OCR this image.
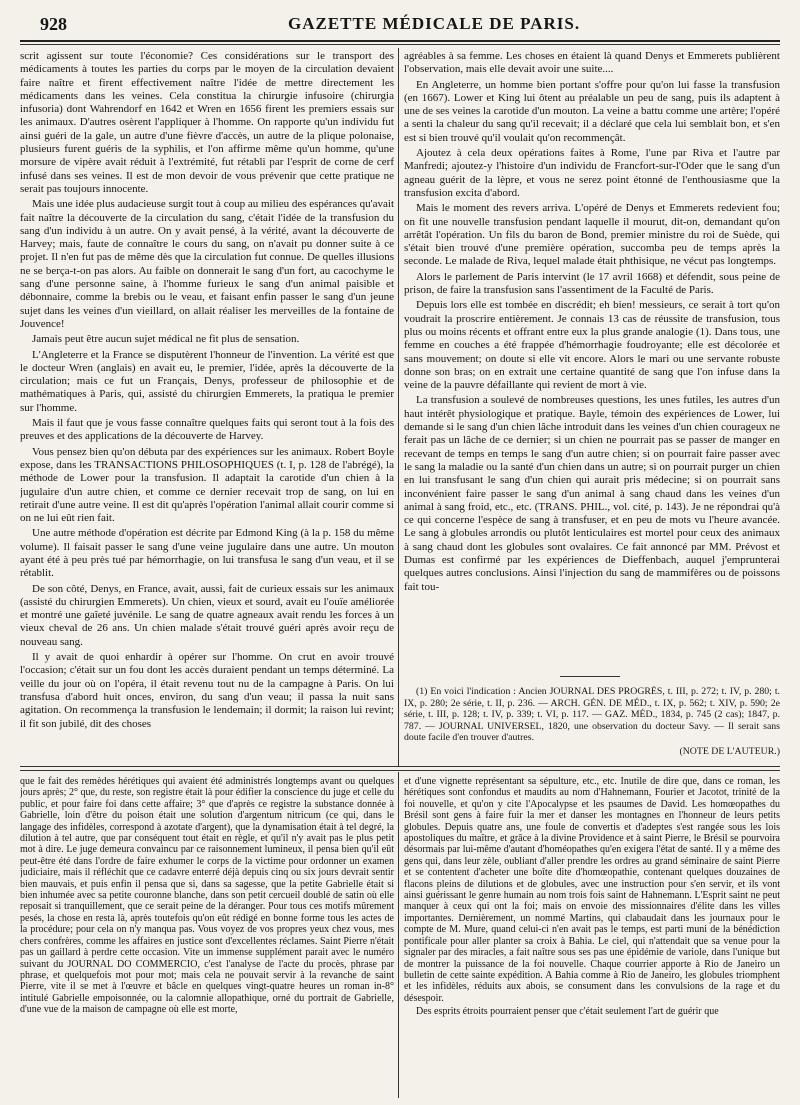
928	GAZETTE MÉDICALE DE PARIS.

scrit agissent sur toute l'économie? Ces considérations sur le transport des médicaments à toutes les parties du corps par le moyen de la circulation devaient faire naître et firent effectivement naître l'idée de mettre directement les médicaments dans les veines. Cela constitua la chirurgie infusoire (chirurgia infusoria) dont Wahrendorf en 1642 et Wren en 1656 firent les premiers essais sur les animaux. D'autres osèrent l'appliquer à l'homme. On rapporte qu'un individu fut ainsi guéri de la gale, un autre d'une fièvre d'accès, un autre de la plique polonaise, plusieurs furent guéris de la syphilis, et l'on affirme même qu'un homme, qu'une morsure de vipère avait réduit à l'extrémité, fut rétabli par l'esprit de corne de cerf infusé dans ses veines. Il est de mon devoir de vous prévenir que cette pratique ne serait pas toujours innocente.

Mais une idée plus audacieuse surgit tout à coup au milieu des espérances qu'avait fait naître la découverte de la circulation du sang, c'était l'idée de la transfusion du sang d'un individu à un autre. On y avait pensé, à la vérité, avant la découverte de Harvey; mais, faute de connaître le cours du sang, on n'avait pu donner suite à ce projet. Il n'en fut pas de même dès que la circulation fut connue. De quelles illusions ne se berça-t-on pas alors. Au faible on donnerait le sang d'un fort, au cacochyme le sang d'une personne saine, à l'homme furieux le sang d'un animal paisible et débonnaire, comme la brebis ou le veau, et faisant enfin passer le sang d'un jeune sujet dans les veines d'un vieillard, on allait réaliser les merveilles de la fontaine de Jouvence!

Jamais peut être aucun sujet médical ne fit plus de sensation.

L'Angleterre et la France se disputèrent l'honneur de l'invention. La vérité est que le docteur Wren (anglais) en avait eu, le premier, l'idée, après la découverte de la circulation; mais ce fut un Français, Denys, professeur de philosophie et de mathématiques à Paris, qui, assisté du chirurgien Emmerets, la pratiqua le premier sur l'homme.

Mais il faut que je vous fasse connaître quelques faits qui seront tout à la fois des preuves et des applications de la découverte de Harvey.

Vous pensez bien qu'on débuta par des expériences sur les animaux. Robert Boyle expose, dans les TRANSACTIONS PHILOSOPHIQUES (t. I, p. 128 de l'abrégé), la méthode de Lower pour la transfusion. Il adaptait la carotide d'un chien à la jugulaire d'un autre chien, et comme ce dernier recevait trop de sang, on lui en retirait d'une autre veine. Il est dit qu'après l'opération l'animal allait courir comme si on ne lui eût rien fait.

Une autre méthode d'opération est décrite par Edmond King (à la p. 158 du même volume). Il faisait passer le sang d'une veine jugulaire dans une autre. Un mouton ayant été à peu près tué par hémorrhagie, on lui transfusa le sang d'un veau, et il se rétablit.

De son côté, Denys, en France, avait, aussi, fait de curieux essais sur les animaux (assisté du chirurgien Emmerets). Un chien, vieux et sourd, avait eu l'ouïe améliorée et montré une gaîeté juvénile. Le sang de quatre agneaux avait rendu les forces à un vieux cheval de 26 ans. Un chien malade s'était trouvé guéri après avoir reçu de nouveau sang.

Il y avait de quoi enhardir à opérer sur l'homme. On crut en avoir trouvé l'occasion; c'était sur un fou dont les accès duraient pendant un temps déterminé. La veille du jour où on l'opéra, il était revenu tout nu de la campagne à Paris. On lui transfusa d'abord huit onces, environ, du sang d'un veau; il passa la nuit sans agitation. On recommença la transfusion le lendemain; il dormit; la raison lui revint; il fit son jubilé, dit des choses

agréables à sa femme. Les choses en étaient là quand Denys et Emmerets publièrent l'observation, mais elle devait avoir une suite....

En Angleterre, un homme bien portant s'offre pour qu'on lui fasse la transfusion (en 1667). Lower et King lui ôtent au préalable un peu de sang, puis ils adaptent à une de ses veines la carotide d'un mouton. La veine a battu comme une artère; l'opéré a senti la chaleur du sang qu'il recevait; il a déclaré que cela lui semblait bon, et s'en est si bien trouvé qu'il voulait qu'on recommençât.

Ajoutez à cela deux opérations faites à Rome, l'une par Riva et l'autre par Manfredi; ajoutez-y l'histoire d'un individu de Francfort-sur-l'Oder que le sang d'un agneau guérit de la lèpre, et vous ne serez point étonné de l'enthousiasme que la transfusion excita d'abord.

Mais le moment des revers arriva. L'opéré de Denys et Emmerets redevient fou; on fit une nouvelle transfusion pendant laquelle il mourut, dit-on, demandant qu'on arrêtât l'opération. Un fils du baron de Bond, premier ministre du roi de Suède, qui s'était bien trouvé d'une première opération, succomba peu de temps après la seconde. Le malade de Riva, lequel malade était phthisique, ne vécut pas longtemps.

Alors le parlement de Paris intervint (le 17 avril 1668) et défendit, sous peine de prison, de faire la transfusion sans l'assentiment de la Faculté de Paris.

Depuis lors elle est tombée en discrédit; eh bien! messieurs, ce serait à tort qu'on voudrait la proscrire entièrement. Je connais 13 cas de réussite de transfusion, tous plus ou moins récents et offrant entre eux la plus grande analogie (1). Dans tous, une femme en couches a été frappée d'hémorrhagie foudroyante; elle est décolorée et sans mouvement; on doute si elle vit encore. Alors le mari ou une servante robuste donne son bras; on en extrait une certaine quantité de sang que l'on infuse dans la veine de la pauvre défaillante qui revient de mort à vie.

La transfusion a soulevé de nombreuses questions, les unes futiles, les autres d'un haut intérêt physiologique et pratique. Bayle, témoin des expériences de Lower, lui demande si le sang d'un chien lâche introduit dans les veines d'un chien courageux ne ferait pas un lâche de ce dernier; si un chien ne pourrait pas se passer de manger en recevant de temps en temps le sang d'un autre chien; si on pourrait faire passer avec le sang la maladie ou la santé d'un chien dans un autre; si on pourrait purger un chien en lui transfusant le sang d'un chien qui aurait pris médecine; si on pourrait sans inconvénient faire passer le sang d'un animal à sang chaud dans les veines d'un animal à sang froid, etc., etc. (TRANS. PHIL., vol. cité, p. 143). Je ne répondrai qu'à ce qui concerne l'espèce de sang à transfuser, et en peu de mots vu l'heure avancée. Le sang à globules arrondis ou plutôt lenticulaires est mortel pour ceux des animaux à sang chaud dont les globules sont ovalaires. Ce fait annoncé par MM. Prévost et Dumas est confirmé par les expériences de Dieffenbach, auquel j'emprunterai quelques autres conclusions. Ainsi l'injection du sang de mammifères ou de poissons fait tou-

(1) En voici l'indication : Ancien JOURNAL DES PROGRÈS, t. III, p. 272; t. IV, p. 280; t. IX, p. 280; 2e série, t. II, p. 236. — ARCH. GÉN. DE MÉD., t. IX, p. 562; t. XIV, p. 590; 2e série, t. III, p. 128; t. IV, p. 339; t. VI, p. 117. — GAZ. MÉD., 1834, p. 745 (2 cas); 1847, p. 787. — JOURNAL UNIVERSEL, 1820, une observation du docteur Savy. — Il serait sans doute facile d'en trouver d'autres.

(NOTE DE L'AUTEUR.)

que le fait des remèdes hérétiques qui avaient été administrés longtemps avant ou quelques jours après; 2° que, du reste, son registre était là pour édifier la conscience du juge et celle du public, et pour faire foi dans cette affaire; 3° que d'après ce registre la substance donnée à Gabrielle, loin d'être du poison était une solution d'argentum nitricum (ce qui, dans le langage des infidèles, correspond à azotate d'argent), que la dynamisation était à tel degré, la dilution à tel autre, que par conséquent tout était en règle, et qu'il n'y avait pas le plus petit mot à dire. Le juge demeura convaincu par ce raisonnement lumineux, il pensa bien qu'il eût peut-être été dans l'ordre de faire exhumer le corps de la victime pour ordonner un examen judiciaire, mais il réfléchit que ce cadavre enterré déjà depuis cinq ou six jours devrait sentir bien mauvais, et puis enfin il pensa que si, dans sa sagesse, que la petite Gabrielle était si bien inhumée avec sa petite couronne blanche, dans son petit cercueil doublé de satin où elle reposait si tranquillement, que ce serait peine de la déranger. Pour tous ces motifs mûrement pesés, la chose en resta là, après toutefois qu'on eût rédigé en bonne forme tous les actes de la procédure; pour cela on n'y manqua pas. Vous voyez de vos propres yeux chez vous, mes chers confrères, comme les affaires en justice sont d'excellentes réclames. Saint Pierre n'était pas un gaillard à perdre cette occasion. Vite un immense supplément parait avec le numéro suivant du JOURNAL DO COMMERCIO, c'est l'analyse de l'acte du procès, phrase par phrase, et quelquefois mot pour mot; mais cela ne pouvait servir à la revanche de saint Pierre, vite il se met à l'œuvre et bâcle en quelques vingt-quatre heures un roman in-8° intitulé Gabrielle empoisonnée, ou la calomnie allopathique, orné du portrait de Gabrielle, d'une vue de la maison de campagne où elle est morte,

et d'une vignette représentant sa sépulture, etc., etc. Inutile de dire que, dans ce roman, les hérétiques sont confondus et maudits au nom d'Hahnemann, Fourier et Jacotot, trinité de la foi nouvelle, et qu'on y cite l'Apocalypse et les psaumes de David. Les homœopathes du Brésil sont gens à faire fuir la mer et danser les montagnes en l'honneur de leurs petits globules. Depuis quatre ans, une foule de convertis et d'adeptes s'est rangée sous les lois apostoliques du maître, et grâce à la divine Providence et à saint Pierre, le Brésil se pourvoira désormais par lui-même d'autant d'homéopathes qu'en exigera l'état de santé. Il y a même des gens qui, dans leur zèle, oubliant d'aller prendre les ordres au grand séminaire de saint Pierre et se contentent d'acheter une boîte dite d'homœopathie, contenant quelques douzaines de flacons pleins de dilutions et de globules, avec une instruction pour s'en servir, et ils vont ainsi guérissant le genre humain au nom trois fois saint de Hahnemann. L'Esprit saint ne peut manquer à ceux qui ont la foi; mais on envoie des missionnaires d'élite dans les villes importantes. Dernièrement, un nommé Martins, qui clabaudait dans les journaux pour le compte de M. Mure, quand celui-ci n'en avait pas le temps, est parti muni de la bénédiction pontificale pour aller planter sa croix à Bahia. Le ciel, qui n'attendait que sa venue pour la signaler par des miracles, a fait naître sous ses pas une épidémie de variole, dans l'unique but de montrer la puissance de la foi nouvelle. Chaque courrier apporte à Rio de Janeiro un bulletin de cette sainte expédition. A Bahia comme à Rio de Janeiro, les globules triomphent et les infidèles, réduits aux abois, se consument dans les convulsions de la rage et du désespoir.

Des esprits étroits pourraient penser que c'était seulement l'art de guérir que
